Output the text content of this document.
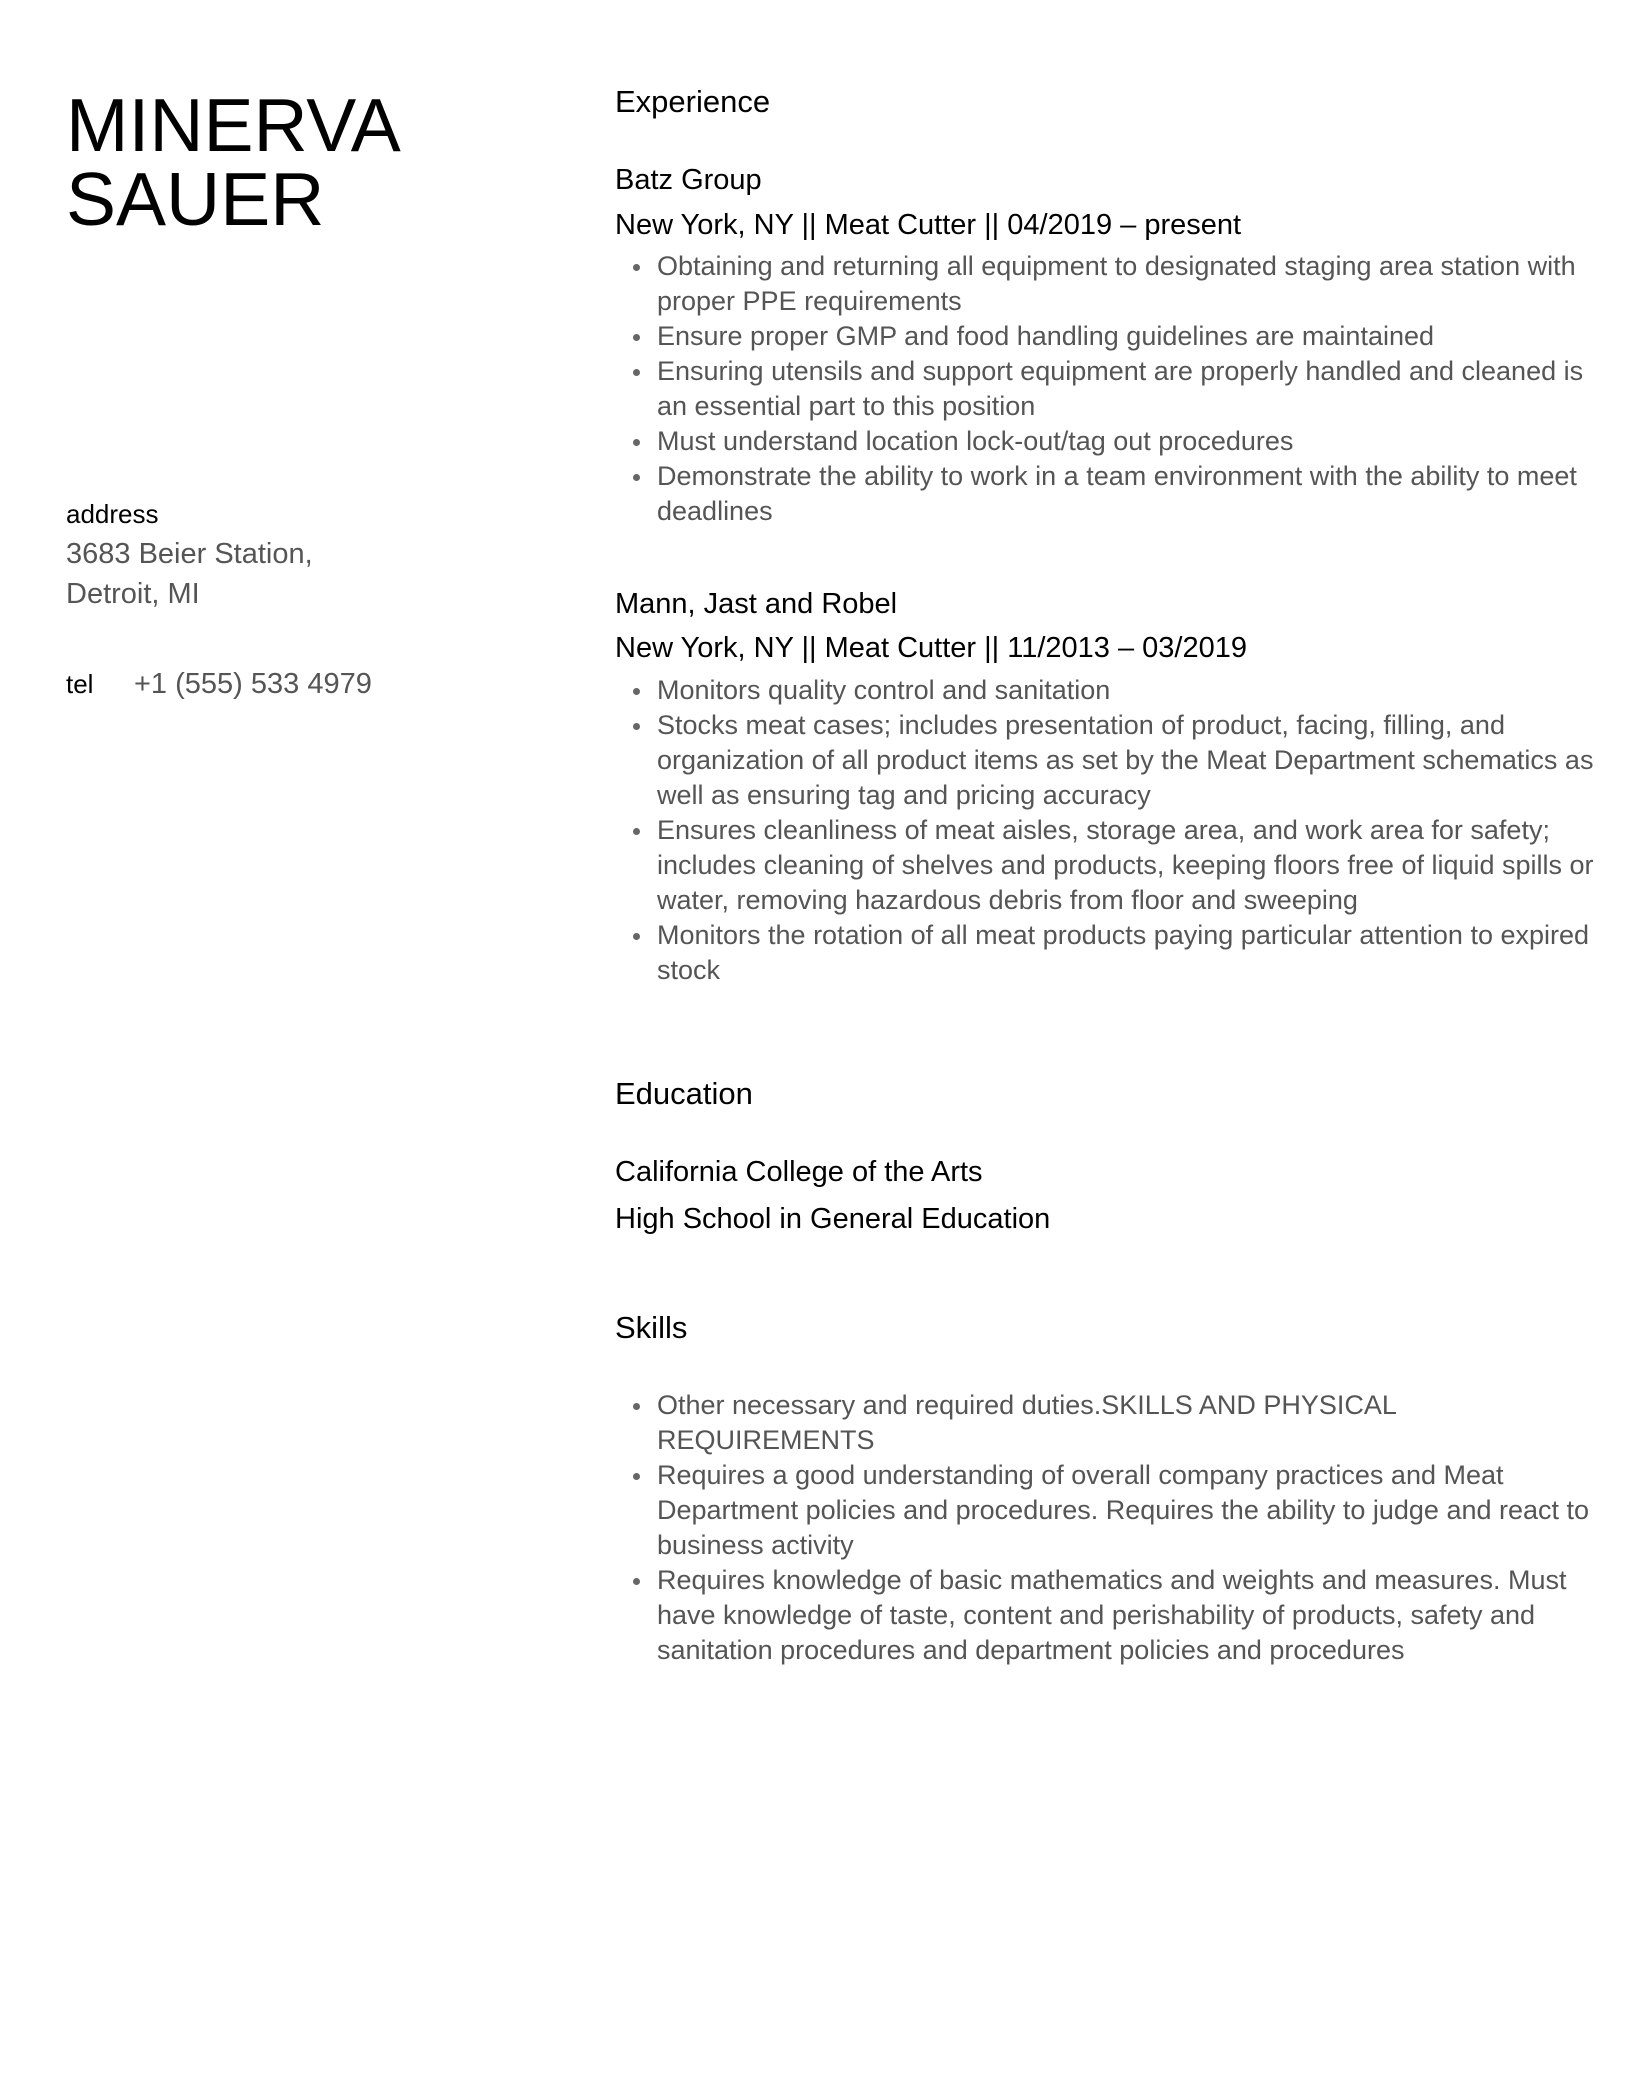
MINERVA
SAUER
address
3683 Beier Station,
Detroit, MI
tel	+1 (555) 533 4979
Experience
Batz Group
New York, NY || Meat Cutter || 04/2019 – present
Obtaining and returning all equipment to designated staging area station with proper PPE requirements
Ensure proper GMP and food handling guidelines are maintained
Ensuring utensils and support equipment are properly handled and cleaned is an essential part to this position
Must understand location lock-out/tag out procedures
Demonstrate the ability to work in a team environment with the ability to meet deadlines
Mann, Jast and Robel
New York, NY || Meat Cutter || 11/2013 – 03/2019
Monitors quality control and sanitation
Stocks meat cases; includes presentation of product, facing, filling, and organization of all product items as set by the Meat Department schematics as well as ensuring tag and pricing accuracy
Ensures cleanliness of meat aisles, storage area, and work area for safety; includes cleaning of shelves and products, keeping floors free of liquid spills or water, removing hazardous debris from floor and sweeping
Monitors the rotation of all meat products paying particular attention to expired stock
Education
California College of the Arts
High School in General Education
Skills
Other necessary and required duties.SKILLS AND PHYSICAL REQUIREMENTS
Requires a good understanding of overall company practices and Meat Department policies and procedures. Requires the ability to judge and react to business activity
Requires knowledge of basic mathematics and weights and measures. Must have knowledge of taste, content and perishability of products, safety and sanitation procedures and department policies and procedures
